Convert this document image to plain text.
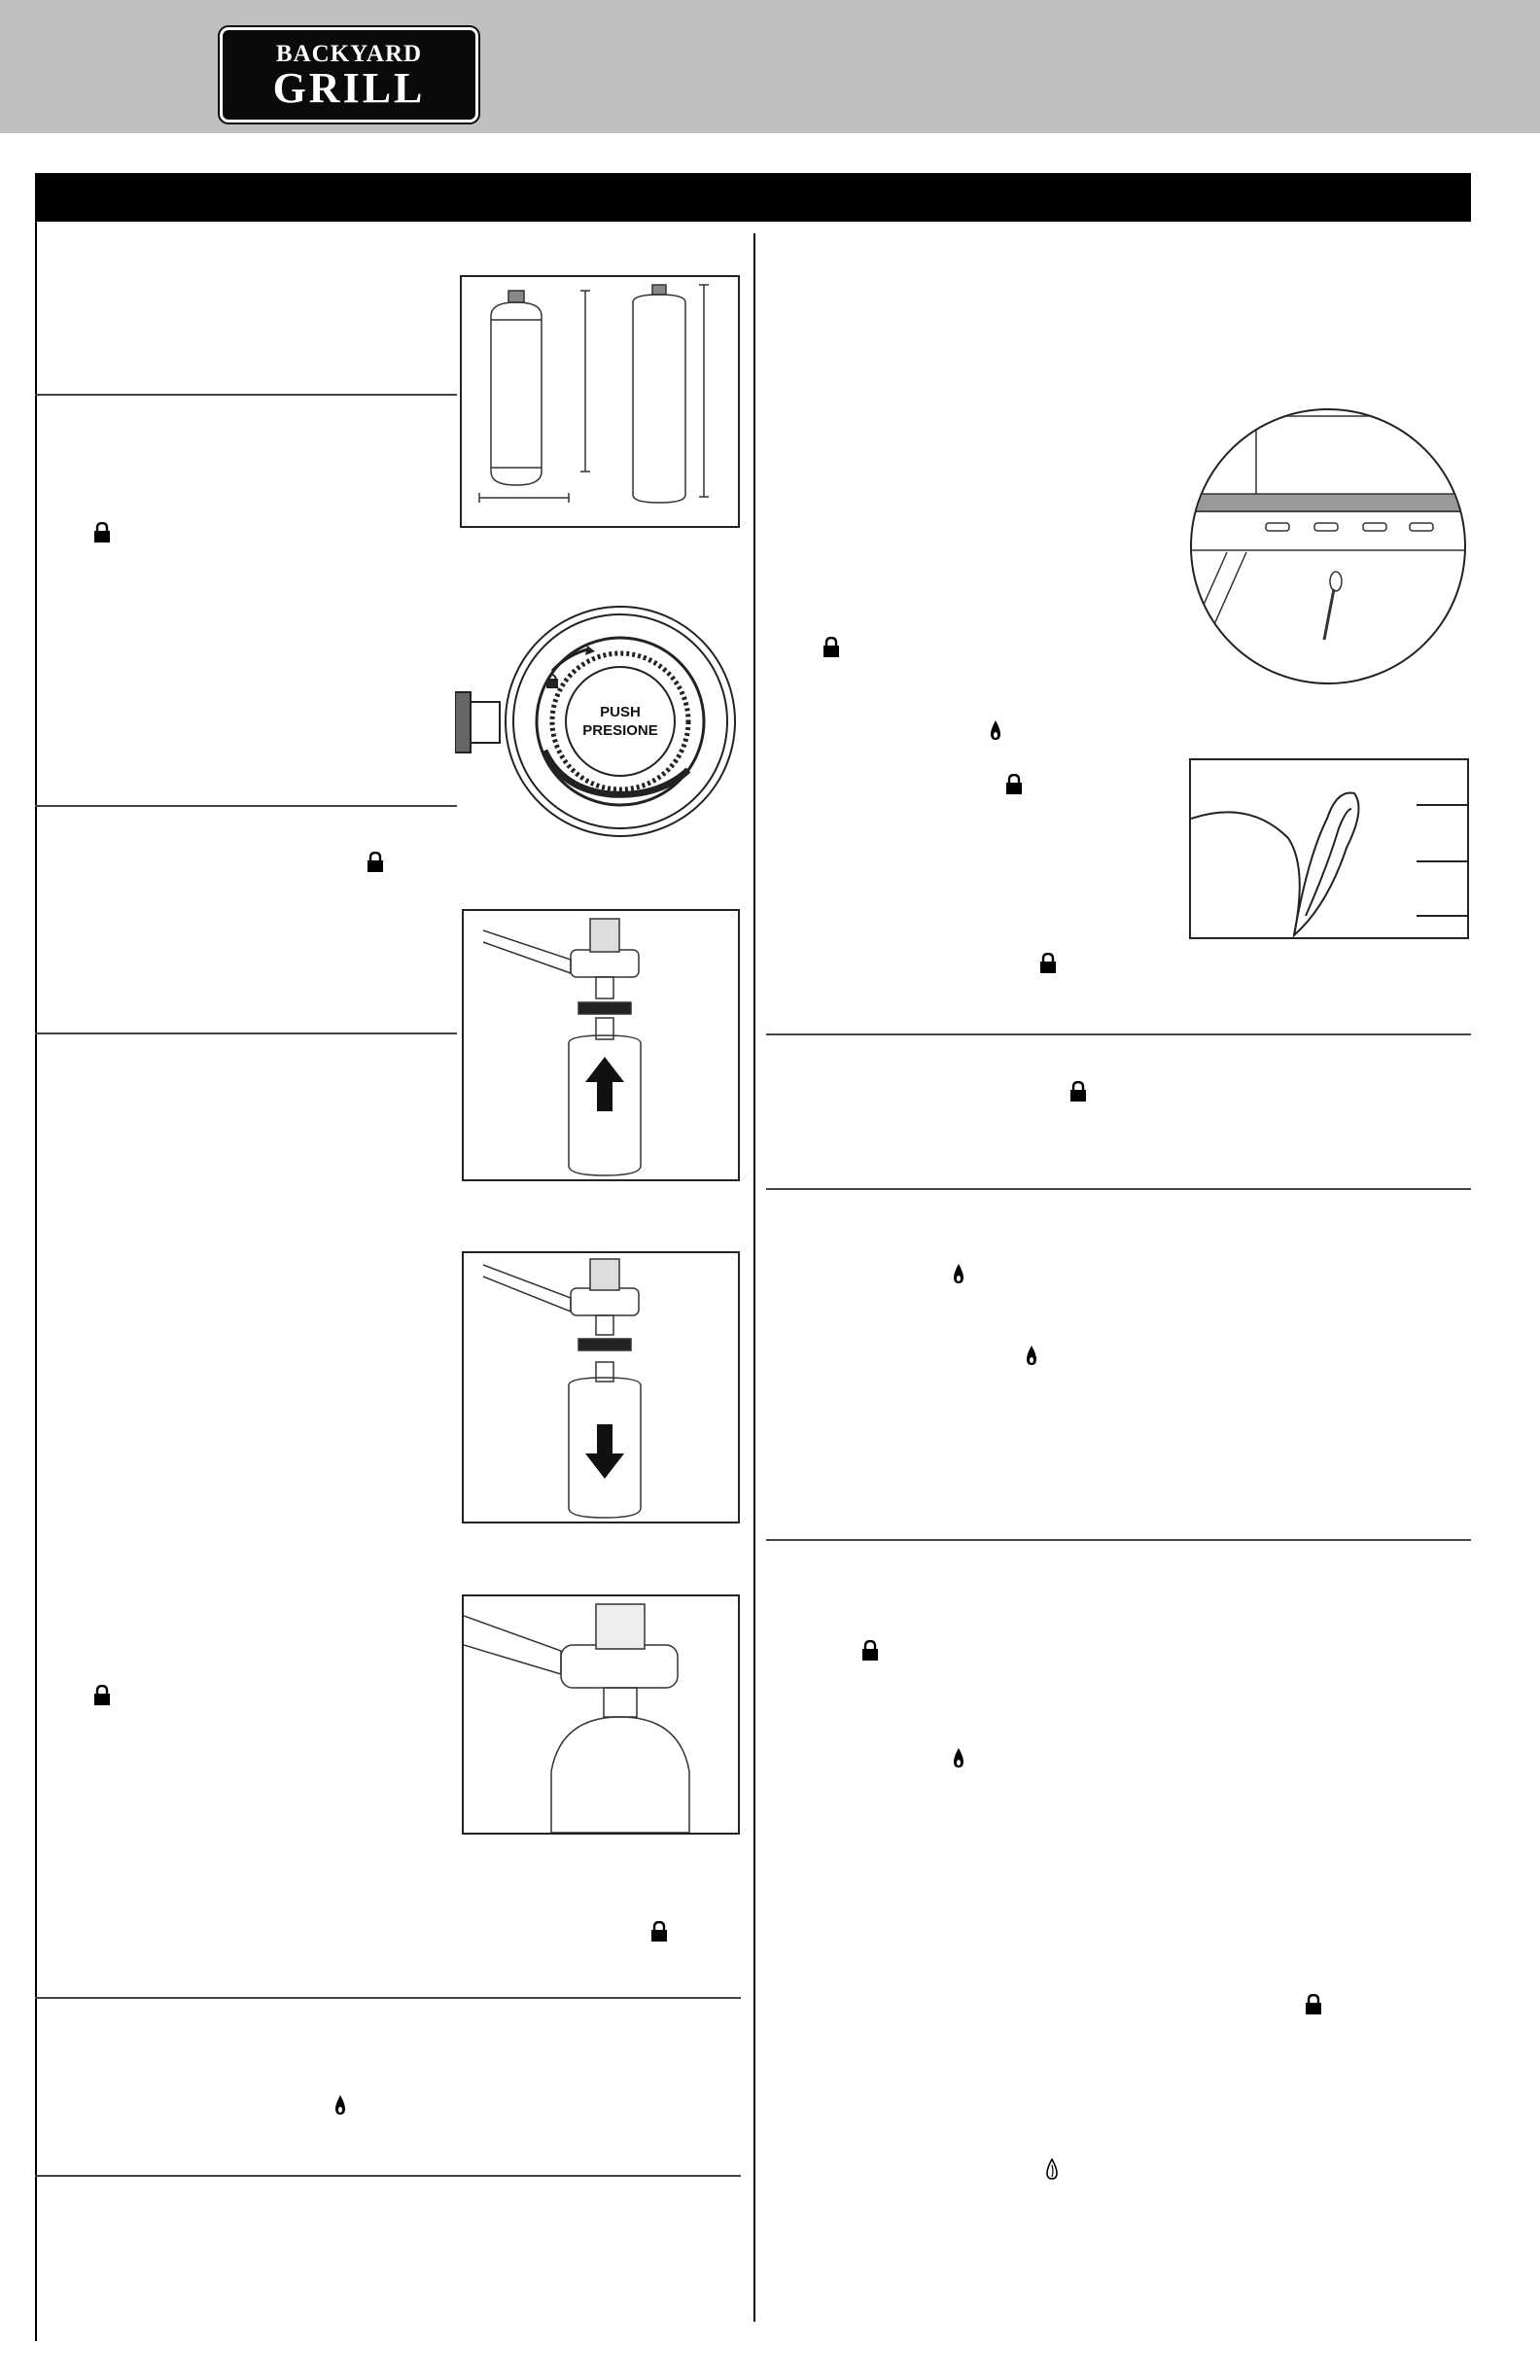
BACKYARD
GRILL
PUSH
PRESIONE
